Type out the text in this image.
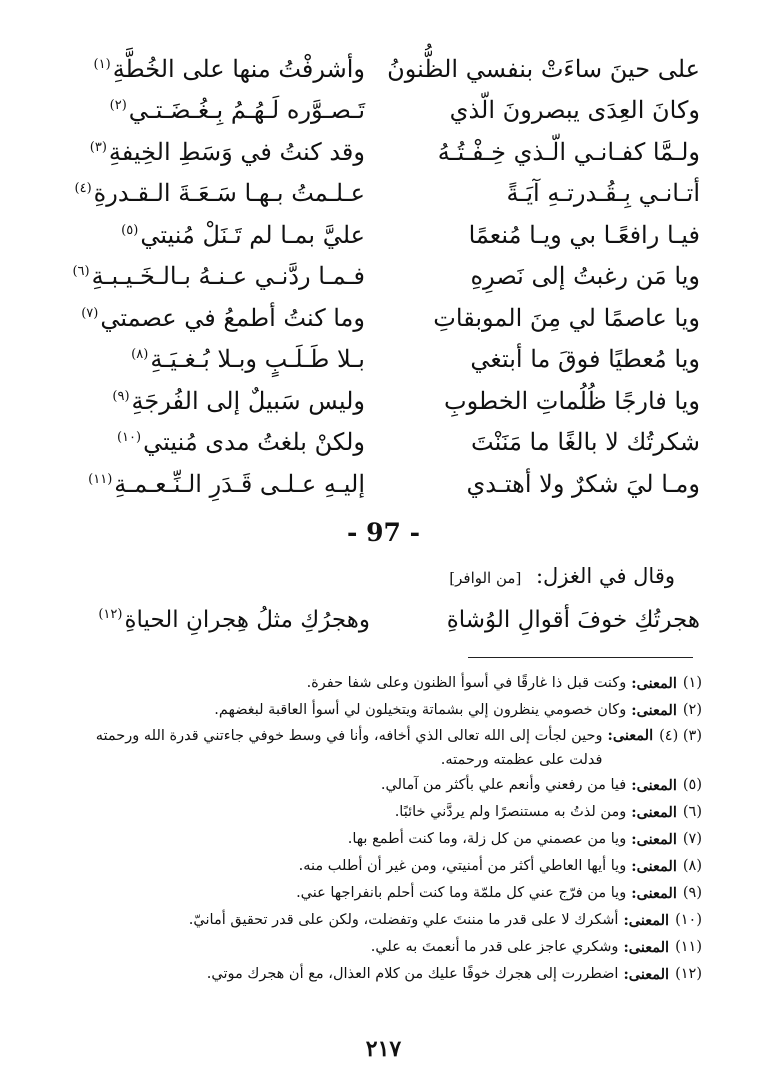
على حينَ ساءَتْ بنفسي الظُّنونُ
وأشرفْتُ منها على الخُطَّةِ$^{(١)}$
وكانَ العِدَى يبصرونَ الّذي
تَـصـوَّره لَـهُـمُ بِـغُـضَـتـي$^{(٢)}$
ولـمَّا كفـانـي الّـذي خِـفْـتُـهُ
وقد كنتُ في وَسَطِ الخِيفةِ$^{(٣)}$
أتـانـي بِـقُـدرتـهِ آيَـةً
عـلـمتُ بـهـا سَـعَـةَ الـقـدرةِ$^{(٤)}$
فيـا رافعًـا بي ويـا مُنعمًا
عليَّ بمـا لم تَـنَلْ مُنيتي$^{(٥)}$
ويا مَن رغبتُ إلى نَصرِهِ
فـمـا ردَّنـي عـنـهُ بـالـخَـيـبـةِ$^{(٦)}$
ويا عاصمًا لي مِنَ الموبقاتِ
وما كنتُ أطمعُ في عصمتي$^{(٧)}$
ويا مُعطيًا فوقَ ما أبتغي
بـلا طَـلَـبٍ وبـلا بُـغـيَـةِ$^{(٨)}$
ويا فارجًا ظُلُماتِ الخطوبِ
وليس سَبيلٌ إلى الفُرجَةِ$^{(٩)}$
شكرتُك لا بالغًا ما مَنَنْتَ
ولكنْ بلغتُ مدى مُنيتي$^{(١٠)}$
ومـا ليَ شكرٌ ولا أهتـدي
إليـهِ عـلـى قَـدَرِ الـنِّـعـمـةِ$^{(١١)}$
- 97 -
وقال في الغزل: [من الوافر]
هجرتُكِ خوفَ أقوالِ الوُشاةِ
وهجرُكِ مثلُ هِجرانِ الحياةِ$^{(١٢)}$
(١)
المعنى:
وكنت قبل ذا غارقًا في أسوأ الظنون وعلى شفا حفرة.
(٢)
المعنى:
وكان خصومي ينظرون إلي بشماتة ويتخيلون لي أسوأ العاقبة لبغضهم.
(٣) (٤)
المعنى:
وحين لجأت إلى الله تعالى الذي أخافه، وأنا في وسط خوفي جاءتني قدرة الله ورحمته فدلت على عظمته ورحمته.
(٥)
المعنى:
فيا من رفعني وأنعم علي بأكثر من آمالي.
(٦)
المعنى:
ومن لذتُ به مستنصرًا ولم يردَّني خائبًا.
(٧)
المعنى:
ويا من عصمني من كل زلة، وما كنت أطمع بها.
(٨)
المعنى:
ويا أيها العاطي أكثر من أمنيتي، ومن غير أن أطلب منه.
(٩)
المعنى:
ويا من فرّج عني كل ملمّة وما كنت أحلم بانفراجها عني.
(١٠)
المعنى:
أشكرك لا على قدر ما مننتَ علي وتفضلت، ولكن على قدر تحقيق أمانيّ.
(١١)
المعنى:
وشكري عاجز على قدر ما أنعمتَ به علي.
(١٢)
المعنى:
اضطررت إلى هجرك خوفًا عليك من كلام العذال، مع أن هجرك موتي.
٢١٧
